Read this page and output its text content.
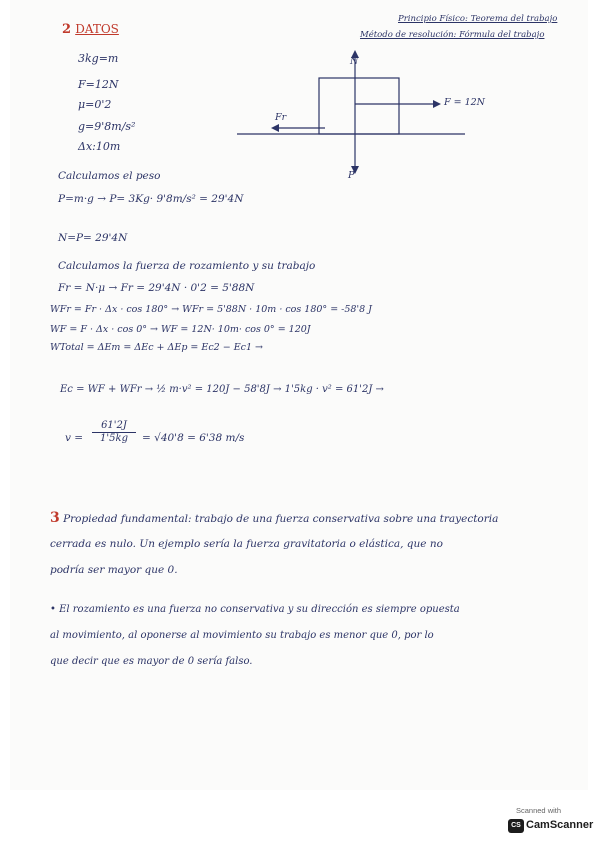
Principio Físico: Teorema del trabajo
Método de resolución: Fórmula del trabajo
2 DATOS
3kg=m
F=12N
μ=0'2
g=9'8m/s²
Δx:10m
N
F = 12N
Fr
P
Calculamos el peso
P=m·g → P= 3Kg· 9'8m/s² = 29'4N
N=P= 29'4N
Calculamos la fuerza de rozamiento y su trabajo
Fr = N·μ → Fr = 29'4N · 0'2 = 5'88N
WFr = Fr · Δx · cos 180° → WFr = 5'88N · 10m · cos 180° = -58'8 J
WF = F · Δx · cos 0° → WF = 12N· 10m· cos 0° = 120J
WTotal = ΔEm = ΔEc + ΔEp = Ec2 − Ec1 →
Ec = WF + WFr → ½ m·v² = 120J − 58'8J → 1'5kg · v² = 61'2J →
$v = \frac{61'2J}{1'5kg} = √40'8 = 6'38$ m/s
3 Propiedad fundamental: trabajo de una fuerza conservativa sobre una trayectoria
cerrada es nulo. Un ejemplo sería la fuerza gravitatoria o elástica, que no
podría ser mayor que 0.
• El rozamiento es una fuerza no conservativa y su dirección es siempre opuesta
al movimiento, al oponerse al movimiento su trabajo es menor que 0, por lo
que decir que es mayor de 0 sería falso.
Scanned with
CS CamScanner
